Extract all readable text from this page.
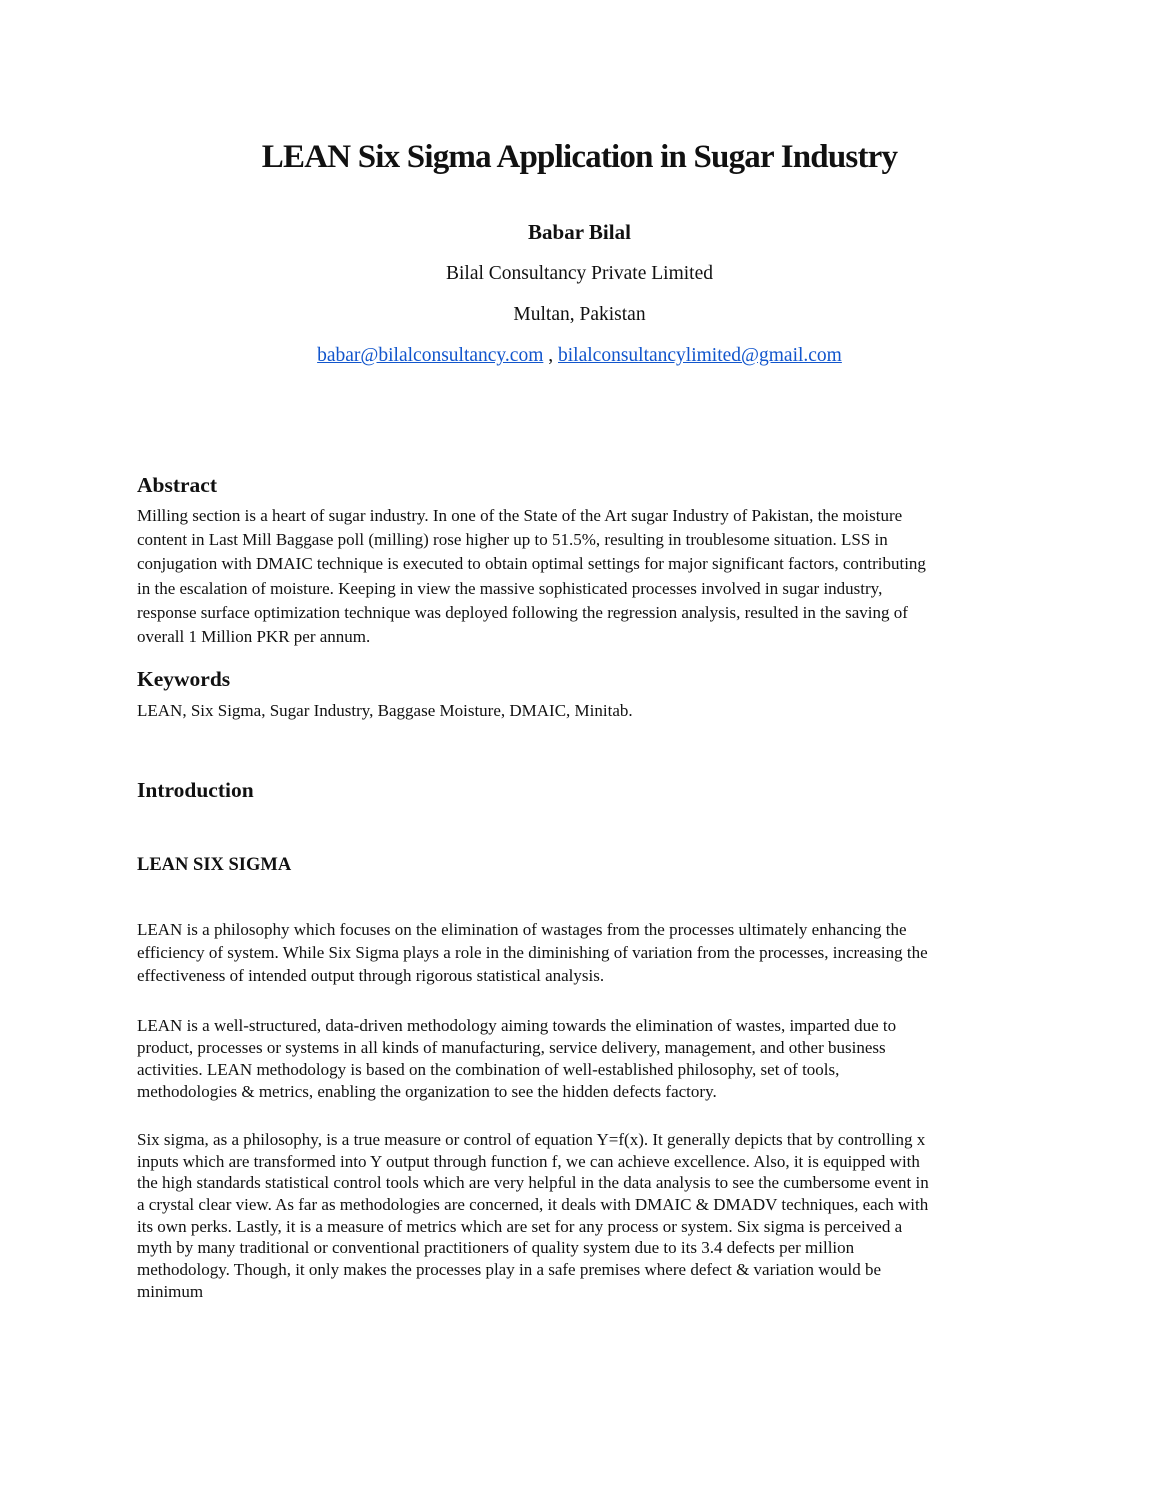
LEAN Six Sigma Application in Sugar Industry
Babar Bilal
Bilal Consultancy Private Limited
Multan, Pakistan
babar@bilalconsultancy.com , bilalconsultancylimited@gmail.com
Abstract
Milling section is a heart of sugar industry. In one of the State of the Art sugar Industry of Pakistan, the moisture
content in Last Mill Baggase poll (milling) rose higher up to 51.5%, resulting in troublesome situation. LSS in
conjugation with DMAIC technique is executed to obtain optimal settings for major significant factors, contributing
in the escalation of moisture. Keeping in view the massive sophisticated processes involved in sugar industry,
response surface optimization technique was deployed following the regression analysis, resulted in the saving of
overall 1 Million PKR per annum.
Keywords
LEAN, Six Sigma, Sugar Industry, Baggase Moisture, DMAIC, Minitab.
Introduction
LEAN SIX SIGMA
LEAN is a philosophy which focuses on the elimination of wastages from the processes ultimately enhancing the
efficiency of system. While Six Sigma plays a role in the diminishing of variation from the processes, increasing the
effectiveness of intended output through rigorous statistical analysis.
LEAN is a well-structured, data-driven methodology aiming towards the elimination of wastes, imparted due to
product, processes or systems in all kinds of manufacturing, service delivery, management, and other business
activities. LEAN methodology is based on the combination of well-established philosophy, set of tools,
methodologies & metrics, enabling the organization to see the hidden defects factory.
Six sigma, as a philosophy, is a true measure or control of equation Y=f(x). It generally depicts that by controlling x
inputs which are transformed into Y output through function f, we can achieve excellence. Also, it is equipped with
the high standards statistical control tools which are very helpful in the data analysis to see the cumbersome event in
a crystal clear view. As far as methodologies are concerned, it deals with DMAIC & DMADV techniques, each with
its own perks. Lastly, it is a measure of metrics which are set for any process or system. Six sigma is perceived a
myth by many traditional or conventional practitioners of quality system due to its 3.4 defects per million
methodology. Though, it only makes the processes play in a safe premises where defect & variation would be
minimum
